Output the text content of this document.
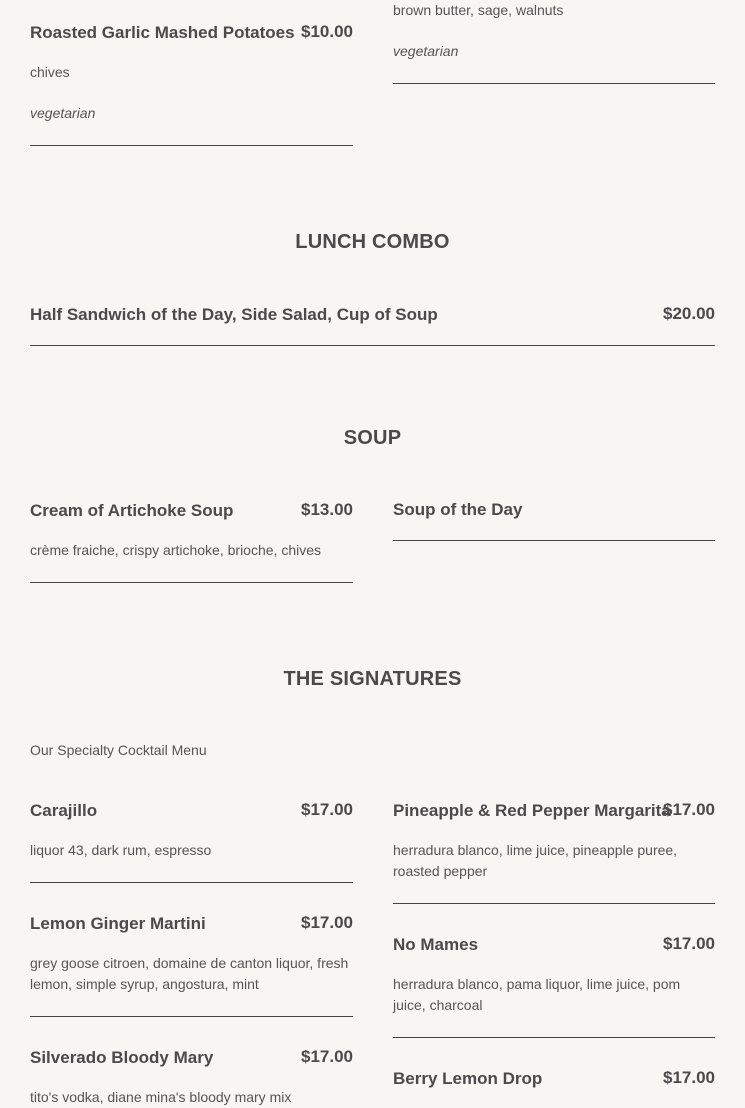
Roasted Garlic Mashed Potatoes $10.00
chives
vegetarian
brown butter, sage, walnuts
vegetarian
LUNCH COMBO
Half Sandwich of the Day, Side Salad, Cup of Soup	$20.00
SOUP
Cream of Artichoke Soup	$13.00
crème fraiche, crispy artichoke, brioche, chives
Soup of the Day
THE SIGNATURES
Our Specialty Cocktail Menu
Carajillo	$17.00
liquor 43, dark rum, espresso
Lemon Ginger Martini	$17.00
grey goose citroen, domaine de canton liquor, fresh lemon, simple syrup, angostura, mint
Silverado Bloody Mary	$17.00
tito's vodka, diane mina's bloody mary mix
Pineapple & Red Pepper Margarita
$17.00
herradura blanco, lime juice, pineapple puree, roasted pepper
No Mames	$17.00
herradura blanco, pama liquor, lime juice, pom juice, charcoal
Berry Lemon Drop	$17.00
